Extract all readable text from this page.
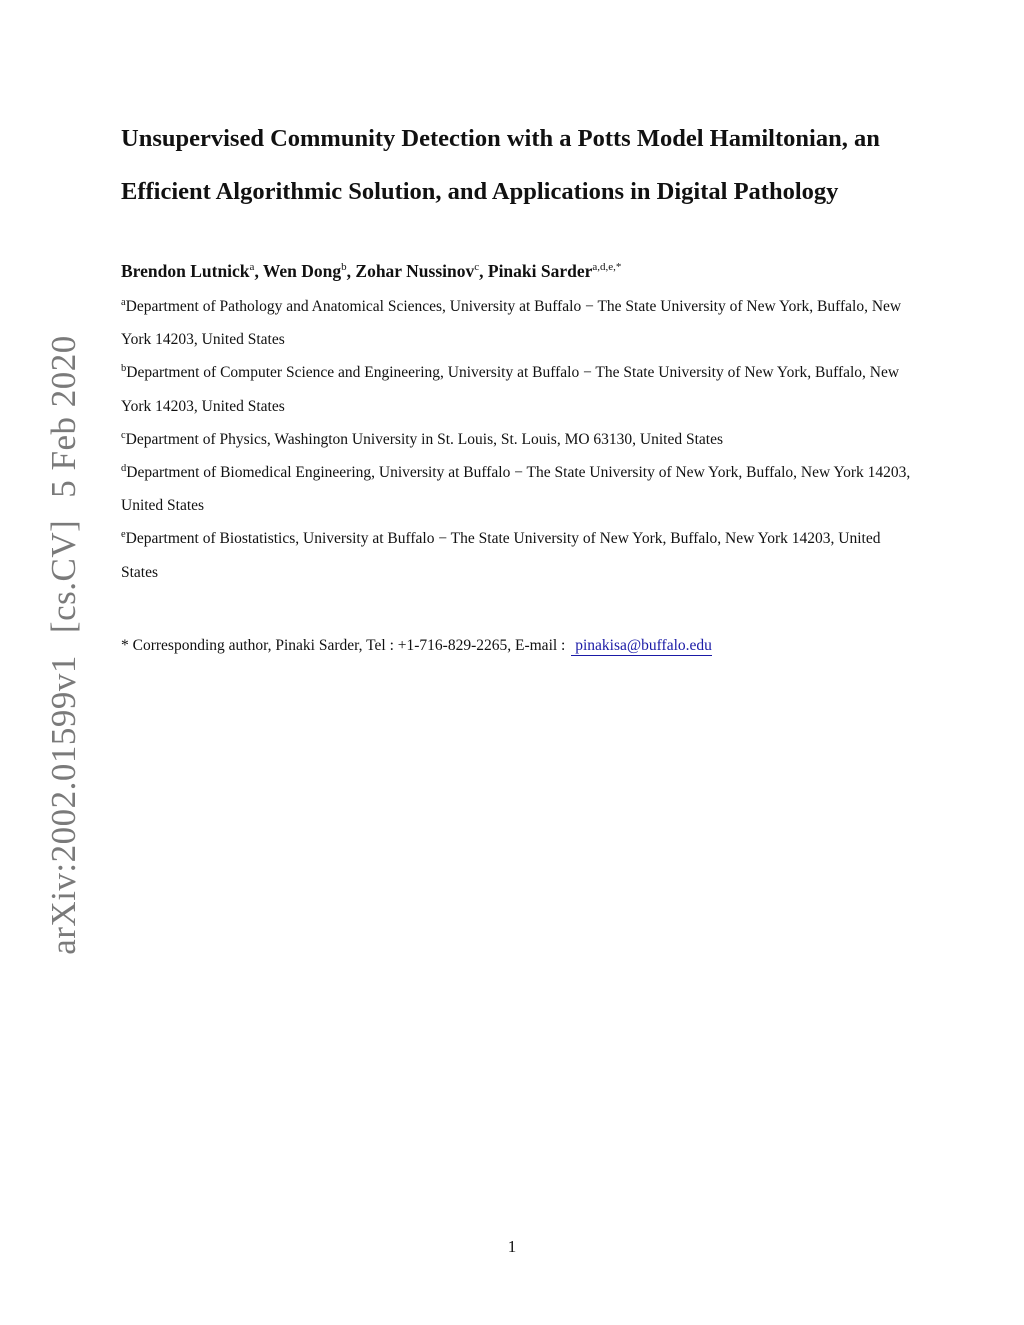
arXiv:2002.01599v1[cs.CV]5 Feb 2020
Unsupervised Community Detection with a Potts Model Hamiltonian, an Efficient Algorithmic Solution, and Applications in Digital Pathology
Brendon Lutnick$^a$, Wen Dong$^b$, Zohar Nussinov$^c$, Pinaki Sarder$^{a,d,e,*}$
$^a$Department of Pathology and Anatomical Sciences, University at Buffalo − The State University of New York, Buffalo, New York 14203, United States
$^b$Department of Computer Science and Engineering, University at Buffalo − The State University of New York, Buffalo, New York 14203, United States
$^c$Department of Physics, Washington University in St. Louis, St. Louis, MO 63130, United States
$^d$Department of Biomedical Engineering, University at Buffalo − The State University of New York, Buffalo, New York 14203, United States
$^e$Department of Biostatistics, University at Buffalo − The State University of New York, Buffalo, New York 14203, United States
* Corresponding author, Pinaki Sarder, Tel : +1-716-829-2265, E-mail : pinakisa@buffalo.edu
1
